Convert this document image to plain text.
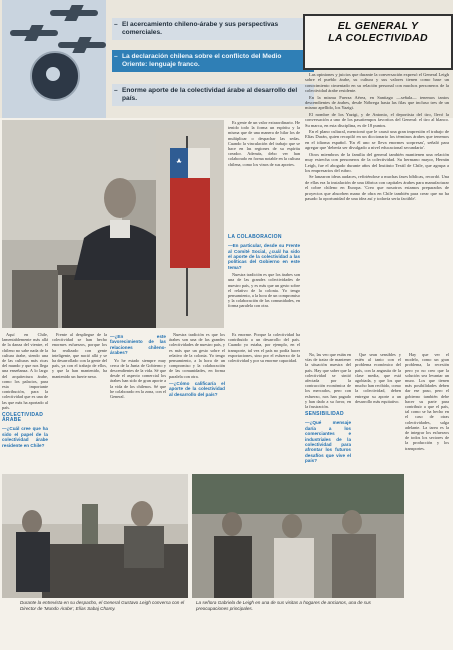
– El acercamiento chileno-árabe y sus perspectivas comerciales.
– La declaración chilena sobre el conflicto del Medio Oriente: lenguaje franco.
– Enorme aporte de la colectividad árabe al desarrollo del país.
EL GENERAL Y
LA COLECTIVIDAD

Las opiniones y juicios que durante la conversación expresó el General Leigh sobre el pueblo árabe, su cultura y sus valores tienen como base un conocimiento cimentado en su relación personal con muchos personeros de la colectividad árabe residente.

En la misma Fuerza Aérea, en Santiago —señala— tenemos tantos descendientes de árabes, desde Nóbrega hasta las filas que incluso tres de un mismo apellido, los Yazigi.

El nombre de los Yazigi, y de Antonio, el deportista del tiro, llevó la conversación a uno de los pasatiempos favoritos del General: el tiro al blanco. Su marca, en esta disciplina, es de 18 puntos.

En el plano cultural, mencionó que le causó una gran impresión el trabajo de Elías Durán, quien recopiló en un diccionario los términos árabes que tenemos en el idioma español. 'En él uno se lleva enormes sorpresas', señaló para agregar que 'debería ser divulgado a nivel educacional secundario'.

Otros miembros de la familia del general también mantienen una relación muy estrecha con personeros de la colectividad. Su hermano mayor, Hernán Leigh, fue el abogado durante años del Instituto Textil de Chile, que agrupa a los empresarios del rubro.

Se lanzaron ideas audaces, refiriéndose a muchas fases bíblicas, recordó. Una de ellas era la instalación de una fábrica con capitales árabes para manufacturar el cobre chileno en Europa. 'Creo que nosotros estamos preparados de proyectos que absorben mano de obra en Chile también para crear que no ha pasado la oportunidad de una idea así y todavía sería factible'.

Es gente de un valor extraordinario. He tenido todo la forma un espíritu y la misma que de una manera de hilar los de multiplicar o despachar las sedas. Cuando la vinculación del trabajo que se hace en las regiones de su espíritu creador. Además, debo ver han colaborado en forma notable en la cultura chilena, como los vinos de sus aportes.

LA COLABORACION
—En particular, desde su Frente al Comité Social, ¿cuál ha sido el aporte de la colectividad a las políticas del Gobierno en este tema?

Nuestra tradición es que los árabes son una de las grandes colectividades de nuestro país, y es más que un gesto sobre el relativo de la colonia. Yo tengo pensamiento, a la hora de un compromiso y la colaboración de las comunidades, en forma paralela con otra.

Aquí en Chile, lamentablemente más allá de la danza del vientre, el chileno no sabe nada de la cultura árabe, siendo una de las culturas más ricas del mundo y que nos llega una enseñanza. A lo largo del arquitectura árabe, como los palacios, para esta importante contribución, para la colectividad que es una de las que más ha aportado al país.

COLECTIVIDAD ÁRABE
—¿Cuál cree que ha sido el papel de la colectividad árabe residente en Chile?

Frente al despliegue de la colectividad se han hecho enormes esfuerzos, porque los ha realizado con gente inteligente, que nació allá y se ha desarrollado con la gente del país, ya con el trabajo de ellos, y que la han mantenido, ha mantenido un fuerte nexo.

—¿En este favorecimiento de las relaciones chileno-árabes?

Yo he estado siempre muy cerca de la Junta de Gobierno y descendientes de la vida. Sé que desde el aspecto comercial los árabes han sido de gran aporte a la vida de los chilenos. Sé que he colaborado en la zona, con el General.

Nuestra tradición es que los árabes son una de las grandes colectividades de nuestro país, y es más que un gesto sobre el relativo de la colonia. Yo tengo pensamiento, a la hora de un compromiso y la colaboración de las comunidades, en forma paralela con otra.

—¿Cómo calificaría el aporte de la colectividad al desarrollo del país?

Es enorme. Porque la colectividad ha contribuido a un desarrollo del país. Cuando yo estaba, por ejemplo, en el transporte, tal vez el país no podía hacer exportaciones, sino por el esfuerzo de la colectividad y por su enorme capacidad.

No, las veo que están en vías de tratar de mantener la situación nuestra del país. Hay que saber que la colectividad se sintió afectada por la contracción económica de los mercados, pero con esfuerzo, nos han pagado y han dado a su favor, en la frustración.

SENSIBILIDAD
—¿Qué mensaje daría a los comerciantes e industriales de la colectividad para afrontar los futuros desafíos que vive el país?

Que sean sensibles y estén al tanto con el problema económico del país, con la angustia de la clase media, que está agobiada, y que los que mucho han recibido, como la colectividad, deben entregar su aporte a un desarrollo más equitativo.

Hay que ver el modelo, como un gran problema, la recesión pero yo no creo que la solución sea levantar un muro. Los que tienen más posibilidades deben dar ese paso, pero el gobierno también debe hacer su parte para contribuir a que el país, tal como se ha hecho en el caso de otras colectividades, salga adelante. La tarea es la de integrar los esfuerzos de todos los sectores de la producción y los transportes.

Durante la entrevista en su despacho, el General Gustavo Leigh conversa con el Director de 'Mundo Árabe', Elías Sabaj Chamy.
La señora Gabriela de Leigh en una de sus visitas a hogares de ancianos, una de sus preocupaciones principales.
